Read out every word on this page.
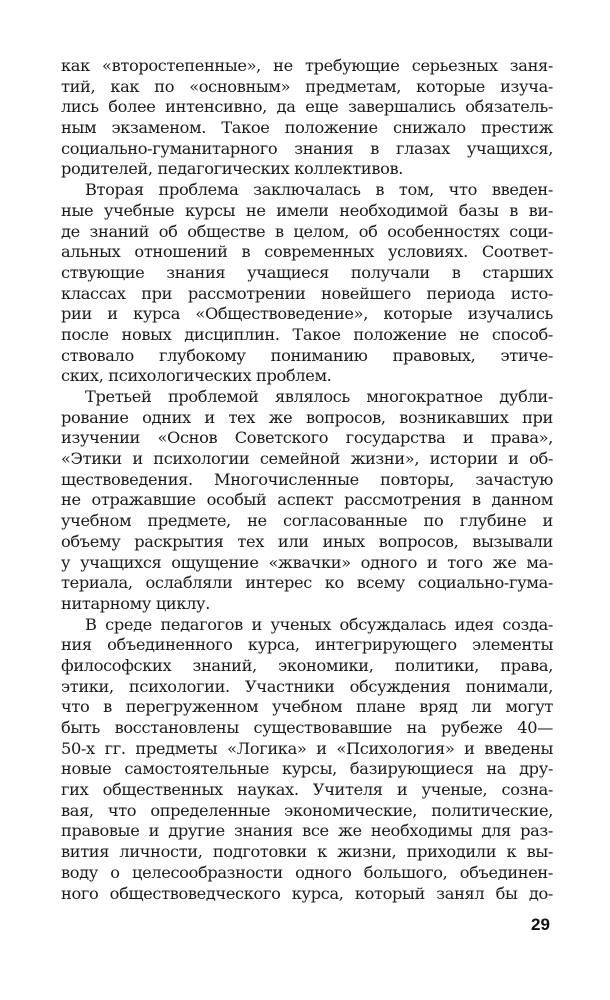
как «второстепенные», не требующие серьезных заня-
тий, как по «основным» предметам, которые изуча-
лись более интенсивно, да еще завершались обязатель-
ным экзаменом. Такое положение снижало престиж
социально-гуманитарного знания в глазах учащихся,
родителей, педагогических коллективов.
Вторая проблема заключалась в том, что введен-
ные учебные курсы не имели необходимой базы в ви-
де знаний об обществе в целом, об особенностях соци-
альных отношений в современных условиях. Соответ-
ствующие знания учащиеся получали в старших
классах при рассмотрении новейшего периода исто-
рии и курса «Обществоведение», которые изучались
после новых дисциплин. Такое положение не способ-
ствовало глубокому пониманию правовых, этиче-
ских, психологических проблем.
Третьей проблемой являлось многократное дубли-
рование одних и тех же вопросов, возникавших при
изучении «Основ Советского государства и права»,
«Этики и психологии семейной жизни», истории и об-
ществоведения. Многочисленные повторы, зачастую
не отражавшие особый аспект рассмотрения в данном
учебном предмете, не согласованные по глубине и
объему раскрытия тех или иных вопросов, вызывали
у учащихся ощущение «жвачки» одного и того же ма-
териала, ослабляли интерес ко всему социально-гума-
нитарному циклу.
В среде педагогов и ученых обсуждалась идея созда-
ния объединенного курса, интегрирующего элементы
философских знаний, экономики, политики, права,
этики, психологии. Участники обсуждения понимали,
что в перегруженном учебном плане вряд ли могут
быть восстановлены существовавшие на рубеже 40—
50-х гг. предметы «Логика» и «Психология» и введены
новые самостоятельные курсы, базирующиеся на дру-
гих общественных науках. Учителя и ученые, созна-
вая, что определенные экономические, политические,
правовые и другие знания все же необходимы для раз-
вития личности, подготовки к жизни, приходили к вы-
воду о целесообразности одного большого, объединен-
ного обществоведческого курса, который занял бы до-
29
